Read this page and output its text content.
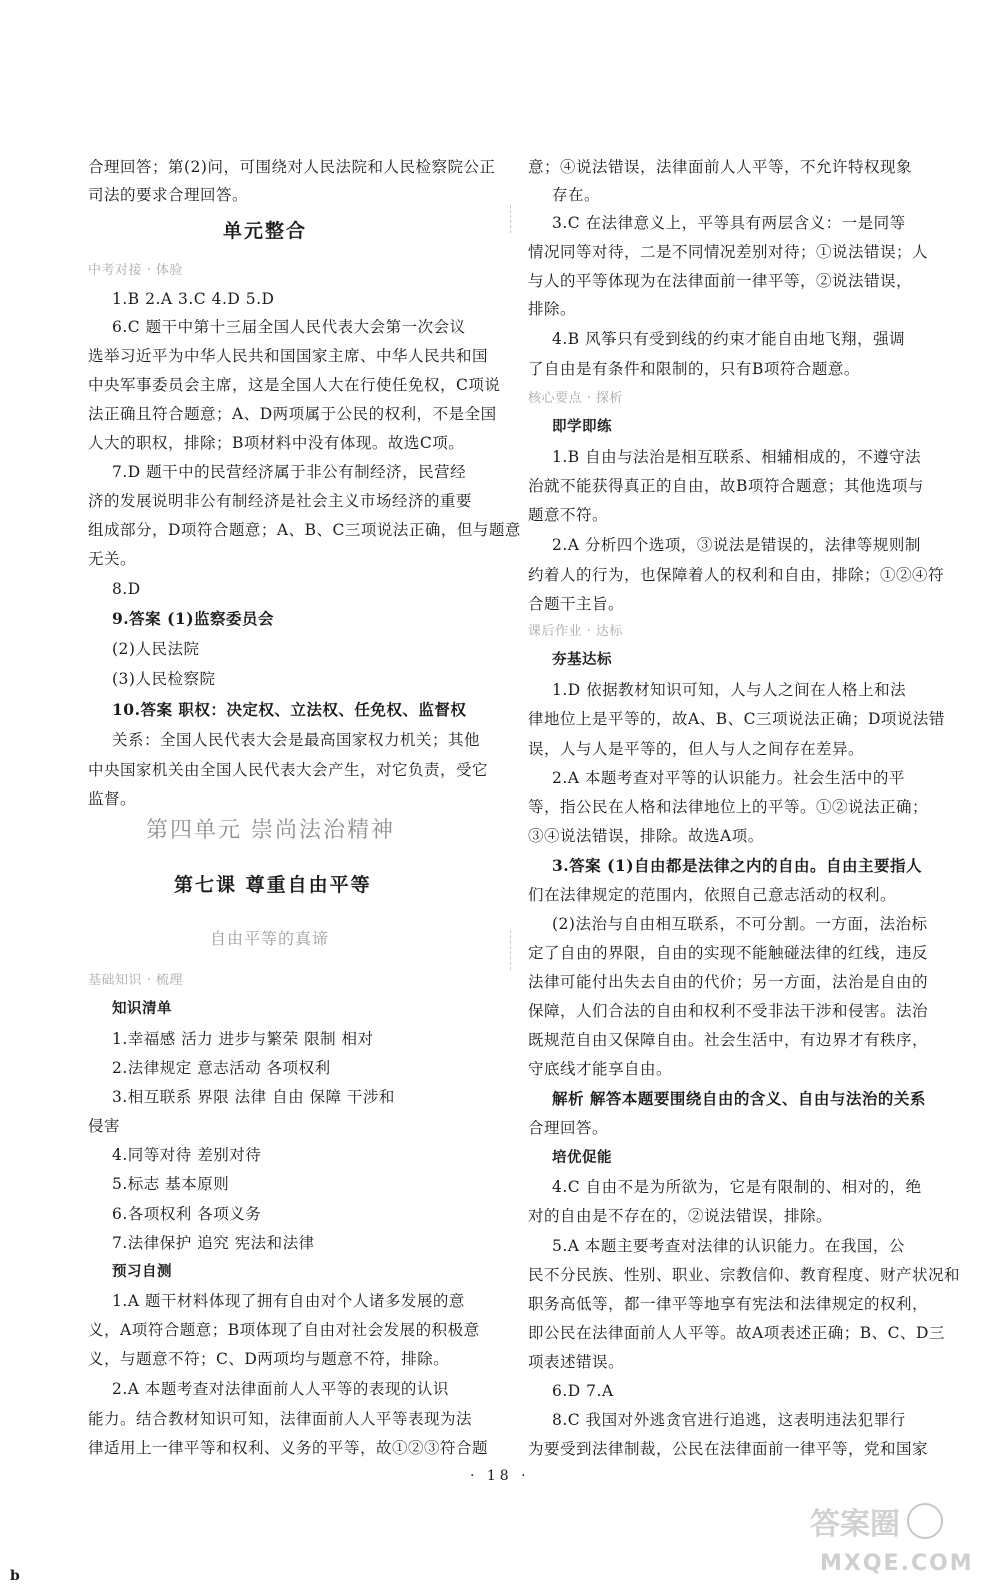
合理回答；第(2)问，可围绕对人民法院和人民检察院公正
司法的要求合理回答。
单元整合
中考对接 · 体验
1.B 2.A 3.C 4.D 5.D
6.C 题干中第十三届全国人民代表大会第一次会议
选举习近平为中华人民共和国国家主席、中华人民共和国
中央军事委员会主席，这是全国人大在行使任免权，C项说
法正确且符合题意；A、D两项属于公民的权利，不是全国
人大的职权，排除；B项材料中没有体现。故选C项。
7.D 题干中的民营经济属于非公有制经济，民营经
济的发展说明非公有制经济是社会主义市场经济的重要
组成部分，D项符合题意；A、B、C三项说法正确，但与题意
无关。
8.D
9.答案 (1)监察委员会
(2)人民法院
(3)人民检察院
10.答案 职权：决定权、立法权、任免权、监督权
关系：全国人民代表大会是最高国家权力机关；其他
中央国家机关由全国人民代表大会产生，对它负责，受它
监督。
第四单元 崇尚法治精神
第七课 尊重自由平等
自由平等的真谛
基础知识 · 梳理
知识清单
1.幸福感 活力 进步与繁荣 限制 相对
2.法律规定 意志活动 各项权利
3.相互联系 界限 法律 自由 保障 干涉和
侵害
4.同等对待 差别对待
5.标志 基本原则
6.各项权利 各项义务
7.法律保护 追究 宪法和法律
预习自测
1.A 题干材料体现了拥有自由对个人诸多发展的意
义，A项符合题意；B项体现了自由对社会发展的积极意
义，与题意不符；C、D两项均与题意不符，排除。
2.A 本题考查对法律面前人人平等的表现的认识
能力。结合教材知识可知，法律面前人人平等表现为法
律适用上一律平等和权利、义务的平等，故①②③符合题
意；④说法错误，法律面前人人平等，不允许特权现象
存在。
3.C 在法律意义上，平等具有两层含义：一是同等
情况同等对待，二是不同情况差别对待；①说法错误；人
与人的平等体现为在法律面前一律平等，②说法错误，
排除。
4.B 风筝只有受到线的约束才能自由地飞翔，强调
了自由是有条件和限制的，只有B项符合题意。
核心要点 · 探析
即学即练
1.B 自由与法治是相互联系、相辅相成的，不遵守法
治就不能获得真正的自由，故B项符合题意；其他选项与
题意不符。
2.A 分析四个选项，③说法是错误的，法律等规则制
约着人的行为，也保障着人的权利和自由，排除；①②④符
合题干主旨。
课后作业 · 达标
夯基达标
1.D 依据教材知识可知，人与人之间在人格上和法
律地位上是平等的，故A、B、C三项说法正确；D项说法错
误，人与人是平等的，但人与人之间存在差异。
2.A 本题考查对平等的认识能力。社会生活中的平
等，指公民在人格和法律地位上的平等。①②说法正确；
③④说法错误，排除。故选A项。
3.答案 (1)自由都是法律之内的自由。自由主要指人
们在法律规定的范围内，依照自己意志活动的权利。
(2)法治与自由相互联系，不可分割。一方面，法治标
定了自由的界限，自由的实现不能触碰法律的红线，违反
法律可能付出失去自由的代价；另一方面，法治是自由的
保障，人们合法的自由和权利不受非法干涉和侵害。法治
既规范自由又保障自由。社会生活中，有边界才有秩序，
守底线才能享自由。
解析 解答本题要围绕自由的含义、自由与法治的关系
合理回答。
培优促能
4.C 自由不是为所欲为，它是有限制的、相对的，绝
对的自由是不存在的，②说法错误，排除。
5.A 本题主要考查对法律的认识能力。在我国，公
民不分民族、性别、职业、宗教信仰、教育程度、财产状况和
职务高低等，都一律平等地享有宪法和法律规定的权利，
即公民在法律面前人人平等。故A项表述正确；B、C、D三
项表述错误。
6.D 7.A
8.C 我国对外逃贪官进行追逃，这表明违法犯罪行
为要受到法律制裁，公民在法律面前一律平等，党和国家
· 18 ·
答案圈
MXQE.COM
b
